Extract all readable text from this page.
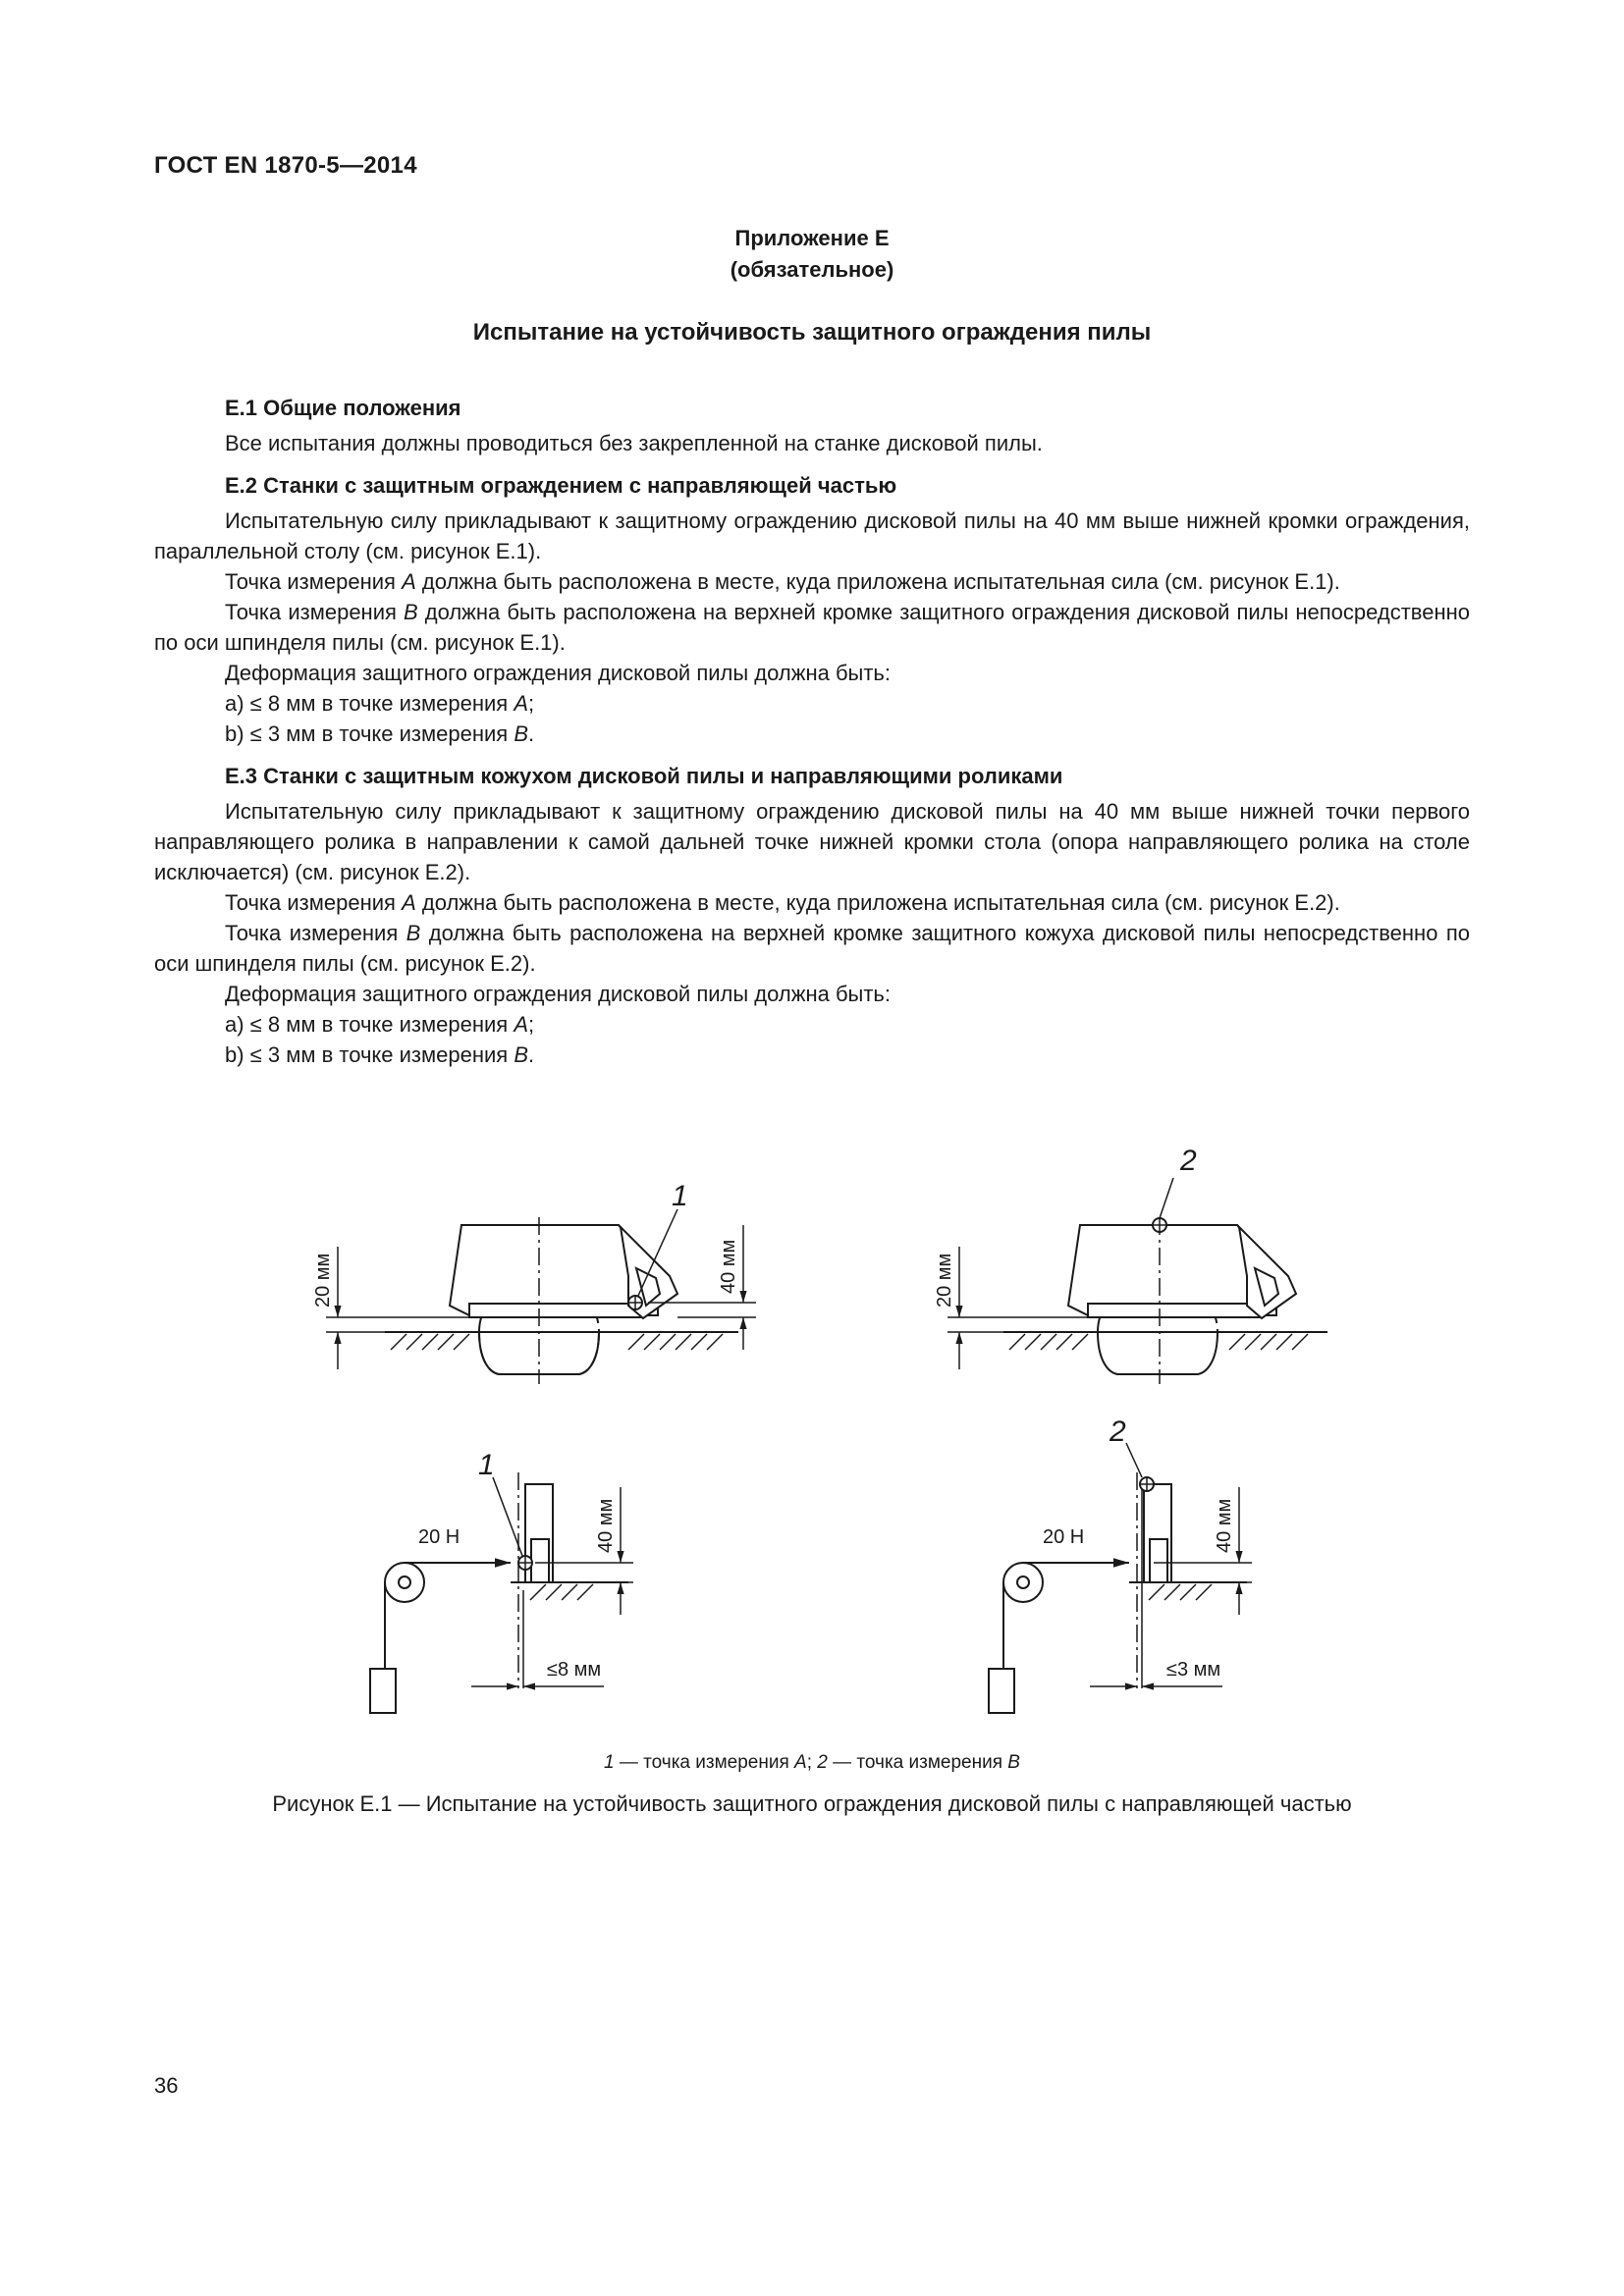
ГОСТ EN 1870-5—2014
Приложение Е
(обязательное)
Испытание на устойчивость защитного ограждения пилы
Е.1 Общие положения

Все испытания должны проводиться без закрепленной на станке дисковой пилы.

Е.2 Станки с защитным ограждением с направляющей частью

Испытательную силу прикладывают к защитному ограждению дисковой пилы на 40 мм выше нижней кромки ограждения, параллельной столу (см. рисунок Е.1).

Точка измерения A должна быть расположена в месте, куда приложена испытательная сила (см. рисунок Е.1).

Точка измерения B должна быть расположена на верхней кромке защитного ограждения дисковой пилы непосредственно по оси шпинделя пилы (см. рисунок Е.1).

Деформация защитного ограждения дисковой пилы должна быть:

a) ≤ 8 мм в точке измерения A;

b) ≤ 3 мм в точке измерения B.

Е.3 Станки с защитным кожухом дисковой пилы и направляющими роликами

Испытательную силу прикладывают к защитному ограждению дисковой пилы на 40 мм выше нижней точки первого направляющего ролика в направлении к самой дальней точке нижней кромки стола (опора направляющего ролика на столе исключается) (см. рисунок Е.2).

Точка измерения A должна быть расположена в месте, куда приложена испытательная сила (см. рисунок Е.2).

Точка измерения B должна быть расположена на верхней кромке защитного кожуха дисковой пилы непосредственно по оси шпинделя пилы (см. рисунок Е.2).

Деформация защитного ограждения дисковой пилы должна быть:

a) ≤ 8 мм в точке измерения A;

b) ≤ 3 мм в точке измерения B.

1
2
1
2
20 мм	20 мм
40 мм
40 мм	40 мм
20 Н	20 Н
≤8 мм	≤3 мм
1 — точка измерения A; 2 — точка измерения B
Рисунок Е.1 — Испытание на устойчивость защитного ограждения дисковой пилы с направляющей частью
36
